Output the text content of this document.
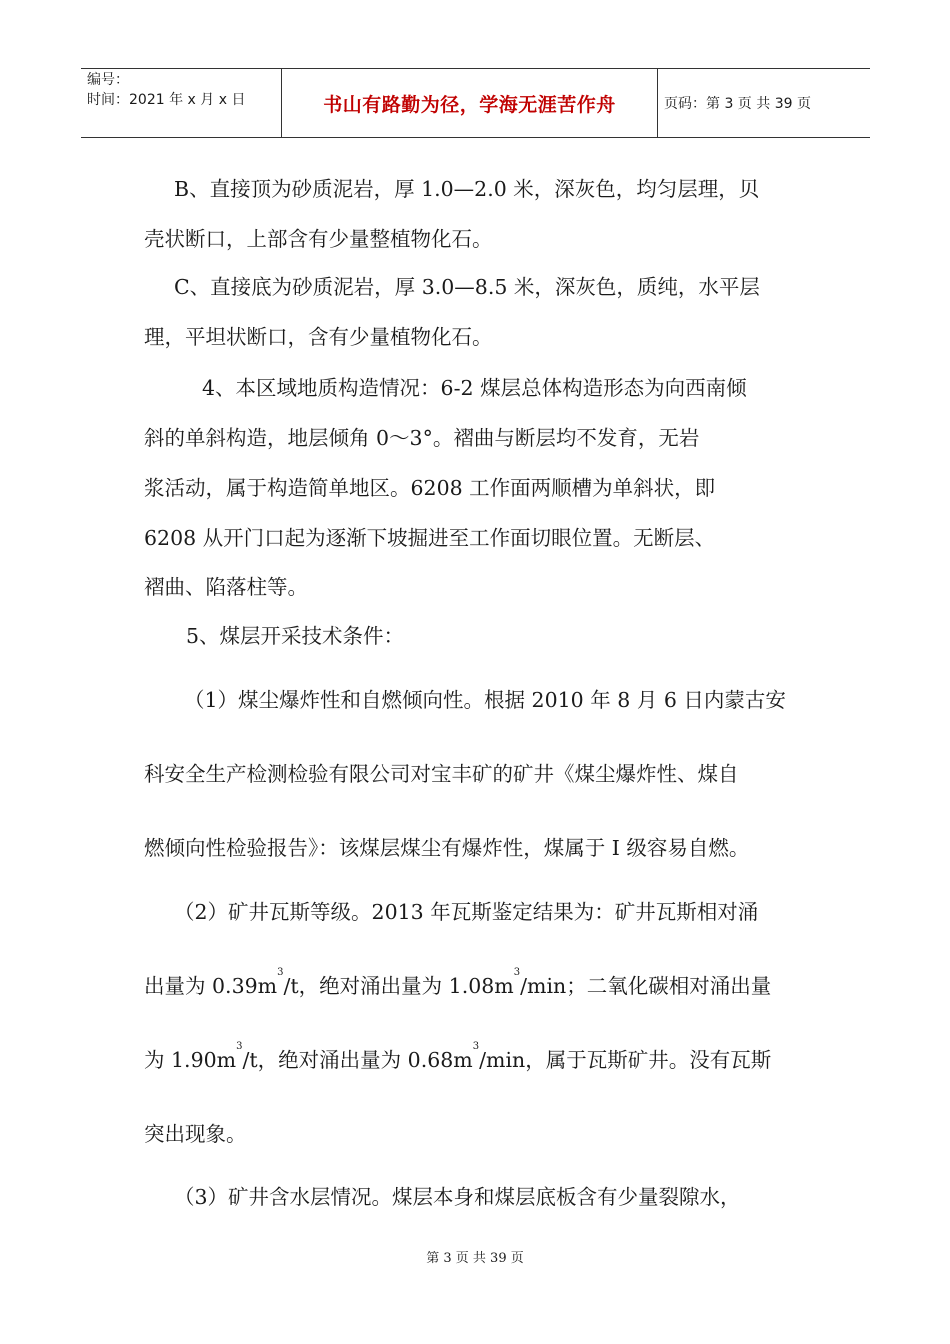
编号：
时间：2021 年 x 月 x 日	书山有路勤为径，学海无涯苦作舟	页码：第 3 页 共 39 页
B、直接顶为砂质泥岩，厚 1.0—2.0 米，深灰色，均匀层理，贝
壳状断口，上部含有少量整植物化石。
C、直接底为砂质泥岩，厚 3.0—8.5 米，深灰色，质纯，水平层
理，平坦状断口，含有少量植物化石。
4、本区域地质构造情况：6-2 煤层总体构造形态为向西南倾
斜的单斜构造，地层倾角 0～3°。褶曲与断层均不发育，无岩
浆活动，属于构造简单地区。6208 工作面两顺槽为单斜状，即
6208 从开门口起为逐渐下坡掘进至工作面切眼位置。无断层、
褶曲、陷落柱等。
5、煤层开采技术条件：
（1）煤尘爆炸性和自燃倾向性。根据 2010 年 8 月 6 日内蒙古安
科安全生产检测检验有限公司对宝丰矿的矿井《煤尘爆炸性、煤自
燃倾向性检验报告》：该煤层煤尘有爆炸性，煤属于 I 级容易自燃。
（2）矿井瓦斯等级。2013 年瓦斯鉴定结果为：矿井瓦斯相对涌
出量为 $0.39m^3/t$，绝对涌出量为 $1.08m^3/\min$；二氧化碳相对涌出量
为 $1.90m^3/t$，绝对涌出量为 $0.68m^3/\min$，属于瓦斯矿井。没有瓦斯
突出现象。
（3）矿井含水层情况。煤层本身和煤层底板含有少量裂隙水，
第 3 页 共 39 页
